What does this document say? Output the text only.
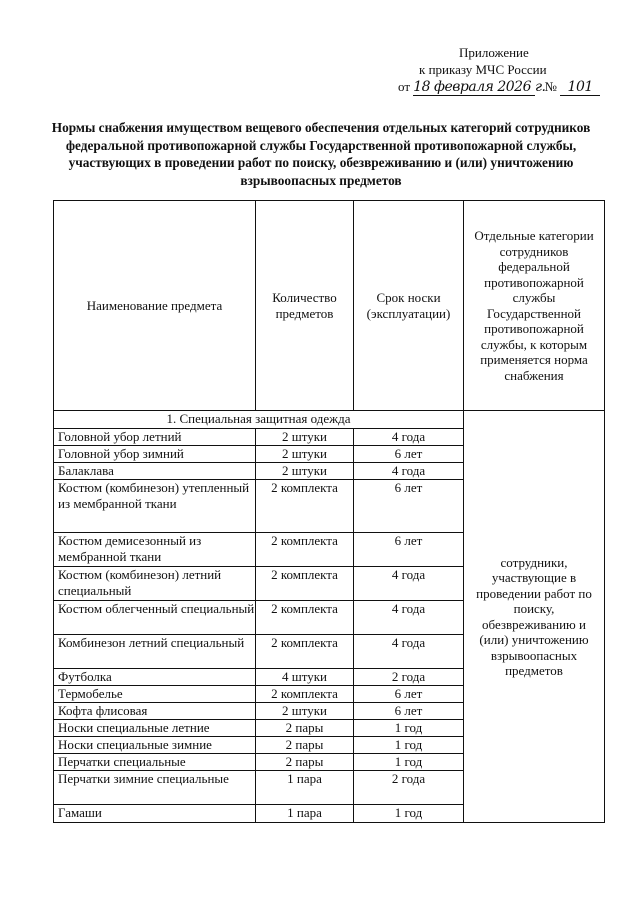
Приложение
к приказу МЧС России
от 18 февраля 2026 г. № 101
Нормы снабжения имуществом вещевого обеспечения отдельных категорий сотрудников федеральной противопожарной службы Государственной противопожарной службы, участвующих в проведении работ по поиску, обезвреживанию и (или) уничтожению взрывоопасных предметов
Наименование предмета	Количество предметов	Срок носки (эксплуатации)	Отдельные категории сотрудников федеральной противопожарной службы Государственной противопожарной службы, к которым применяется норма снабжения
1. Специальная защитная одежда			сотрудники, участвующие в проведении работ по поиску, обезвреживанию и (или) уничтожению взрывоопасных предметов
Головной убор летний	2 штуки	4 года	
Головной убор зимний	2 штуки	6 лет	
Балаклава	2 штуки	4 года	
Костюм (комбинезон) утепленный из мембранной ткани	2 комплекта	6 лет	
Костюм демисезонный из мембранной ткани	2 комплекта	6 лет	
Костюм (комбинезон) летний специальный	2 комплекта	4 года	
Костюм облегченный специальный	2 комплекта	4 года	
Комбинезон летний специальный	2 комплекта	4 года	
Футболка	4 штуки	2 года	
Термобелье	2 комплекта	6 лет	
Кофта флисовая	2 штуки	6 лет	
Носки специальные летние	2 пары	1 год	
Носки специальные зимние	2 пары	1 год	
Перчатки специальные	2 пары	1 год	
Перчатки зимние специальные	1 пара	2 года	
Гамаши	1 пара	1 год	
